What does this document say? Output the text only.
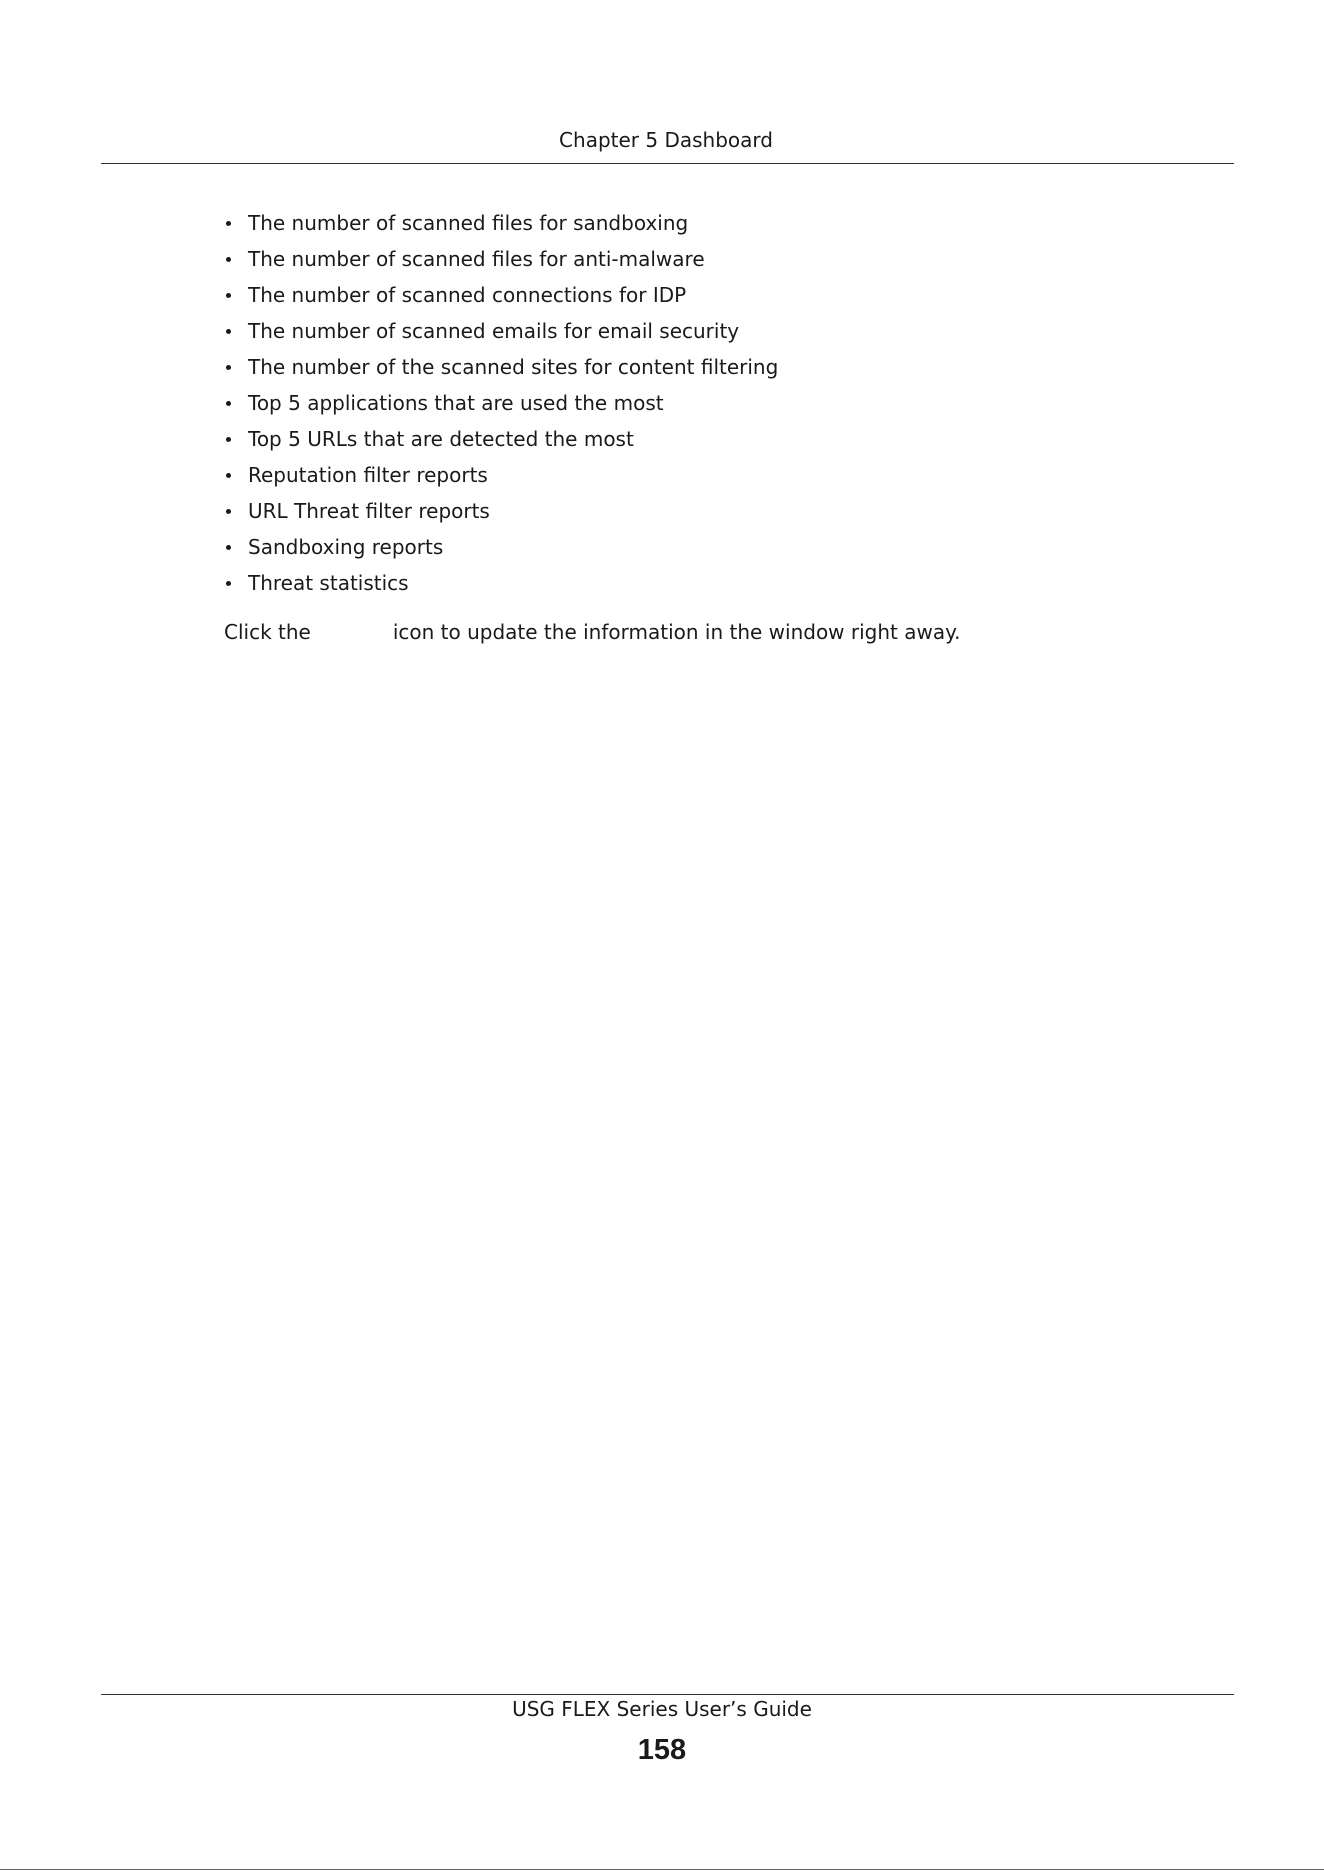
Chapter 5 Dashboard
The number of scanned files for sandboxing
The number of scanned files for anti-malware
The number of scanned connections for IDP
The number of scanned emails for email security
The number of the scanned sites for content filtering
Top 5 applications that are used the most
Top 5 URLs that are detected the most
Reputation filter reports
URL Threat filter reports
Sandboxing reports
Threat statistics
Click the	icon to update the information in the window right away.
USG FLEX Series User’s Guide
158
